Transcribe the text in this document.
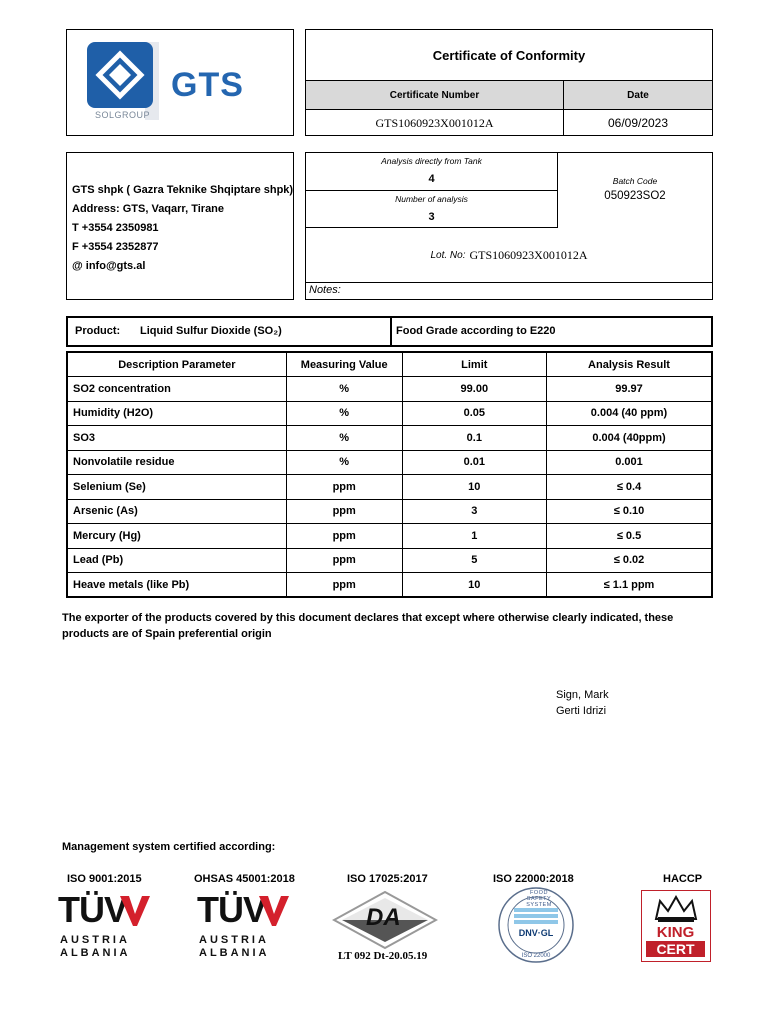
GTS
SOLGROUP
Certificate of Conformity
Certificate Number	Date
GTS1060923X001012A	06/09/2023
GTS shpk ( Gazra Teknike Shqiptare shpk)
Address: GTS, Vaqarr, Tirane
T +3554 2350981
F +3554 2352877
@ info@gts.al
Analysis directly from Tank
4
Number of analysis
3
Batch Code
050923SO2
Lot. No: GTS1060923X001012A
Notes:
Product: Liquid Sulfur Dioxide (SO₂)	Food Grade according to E220
Description Parameter	Measuring Value	Limit	Analysis Result
SO2 concentration	%	99.00	99.97
Humidity (H2O)	%	0.05	0.004 (40 ppm)
SO3	%	0.1	0.004 (40ppm)
Nonvolatile residue	%	0.01	0.001
Selenium (Se)	ppm	10	≤ 0.4
Arsenic (As)	ppm	3	≤ 0.10
Mercury (Hg)	ppm	1	≤ 0.5
Lead (Pb)	ppm	5	≤ 0.02
Heave metals (like Pb)	ppm	10	≤ 1.1 ppm
The exporter of the products covered by this document declares that except where otherwise clearly indicated, these products are of Spain preferential origin
Sign, Mark
Gerti Idrizi
Management system certified according:
ISO 9001:2015	OHSAS 45001:2018	ISO 17025:2017	ISO 22000:2018	HACCP
TÜV
AUSTRIA
ALBANIA
TÜV
AUSTRIA
ALBANIA
DA
LT 092 Dt-20.05.19
FOOD SAFETY SYSTEM
DNV·GL
ISO 22000
KING
CERT
